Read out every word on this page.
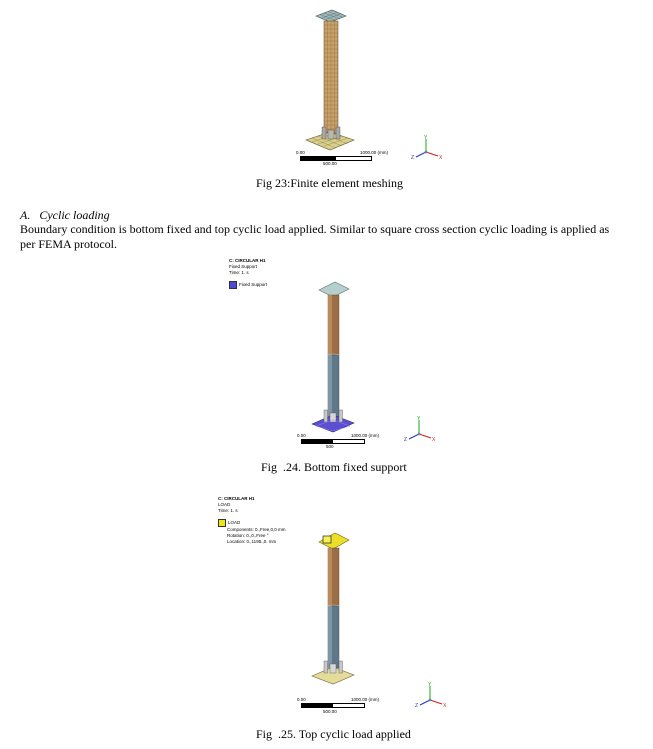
0.00	1000.00 (mm)
500.00
Y
X
Z
Fig 23:Finite element meshing
A.   Cyclic loading
Boundary condition is bottom fixed and top cyclic load applied. Similar to square cross section cyclic loading is applied as per FEMA protocol.
C: CIRCULAR H1
Fixed Support
Time: 1. s
Fixed Support
0.00	1000.00 (mm)
500
Y
X
Z
Fig  .24. Bottom fixed support
C: CIRCULAR H1
LOAD
Time: 1. s
LOAD
Components: 0.,Free,0,0 mm
Rotation: 0.,0.,Free °
Location: 0.,1195.,0. mm
0.00	1000.00 (mm)
500.00
Y
X
Z
Fig  .25. Top cyclic load applied
